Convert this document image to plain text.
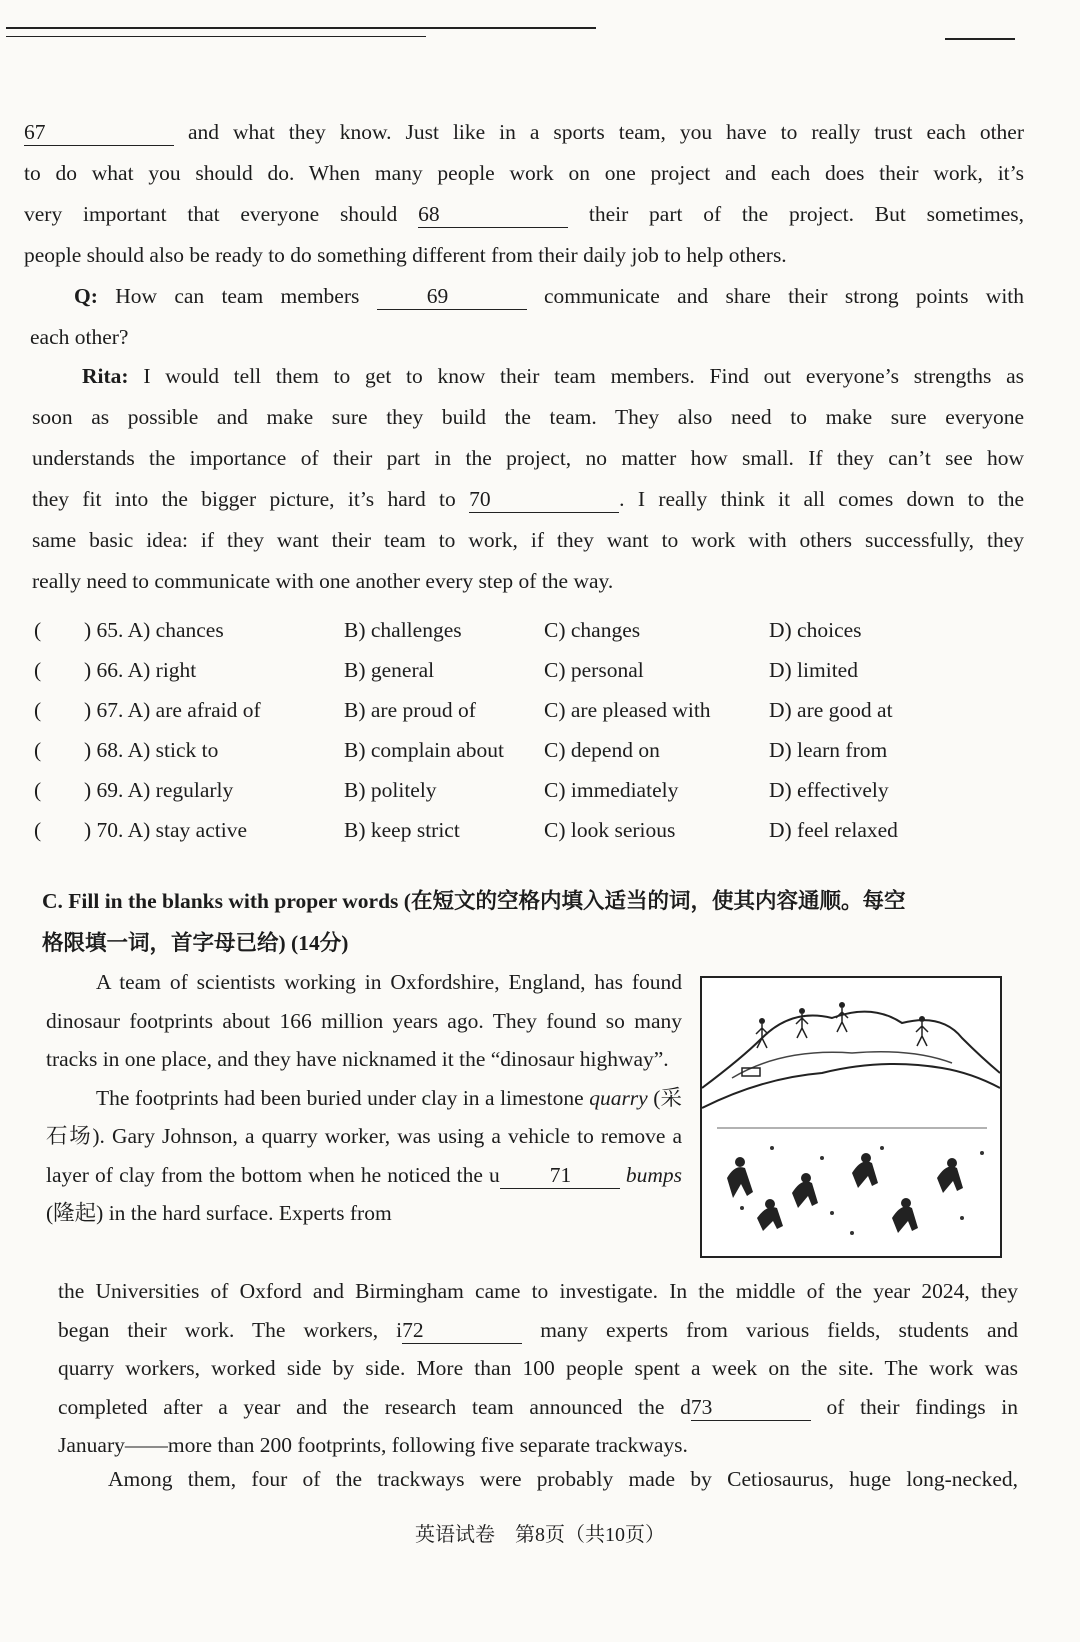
67	and what they know. Just like in a sports team, you have to really trust each other
to do what you should do. When many people work on one project and each does their work, it’s
very important that everyone should 68	their part of the project. But sometimes,
people should also be ready to do something different from their daily job to help others.
Q: How can team members	69	communicate and share their strong points with
each other?
Rita: I would tell them to get to know their team members. Find out everyone’s strengths as
soon as possible and make sure they build the team. They also need to make sure everyone
understands the importance of their part in the project, no matter how small. If they can’t see how
they fit into the bigger picture, it’s hard to 70	. I really think it all comes down to the
same basic idea: if they want their team to work, if they want to work with others successfully, they
really need to communicate with one another every step of the way.
( ) 65. A) chances	B) challenges	C) changes	D) choices
( ) 66. A) right	B) general	C) personal	D) limited
( ) 67. A) are afraid of	B) are proud of	C) are pleased with	D) are good at
( ) 68. A) stick to	B) complain about C) depend on	D) learn from
( ) 69. A) regularly	B) politely	C) immediately	D) effectively
( ) 70. A) stay active	B) keep strict	C) look serious	D) feel relaxed
C. Fill in the blanks with proper words (在短文的空格内填入适当的词，使其内容通顺。每空
格限填一词，首字母已给) (14分)

A team of scientists working in Oxfordshire, England, has found dinosaur footprints about 166 million years ago. They found so many tracks in one place, and they have nicknamed it the “dinosaur highway”.

The footprints had been buried under clay in a limestone quarry (采石场). Gary Johnson, a quarry worker, was using a vehicle to remove a layer of clay from the bottom when he noticed the u 71	bumps (隆起) in the hard surface. Experts from

the Universities of Oxford and Birmingham came to investigate. In the middle of the year 2024, they
began their work. The workers, i72	many experts from various fields, students and
quarry workers, worked side by side. More than 100 people spent a week on the site. The work was
completed after a year and the research team announced the d73	of their findings in
January——more than 200 footprints, following five separate trackways.
Among them, four of the trackways were probably made by Cetiosaurus, huge long-necked,
英语试卷　第8页（共10页）
